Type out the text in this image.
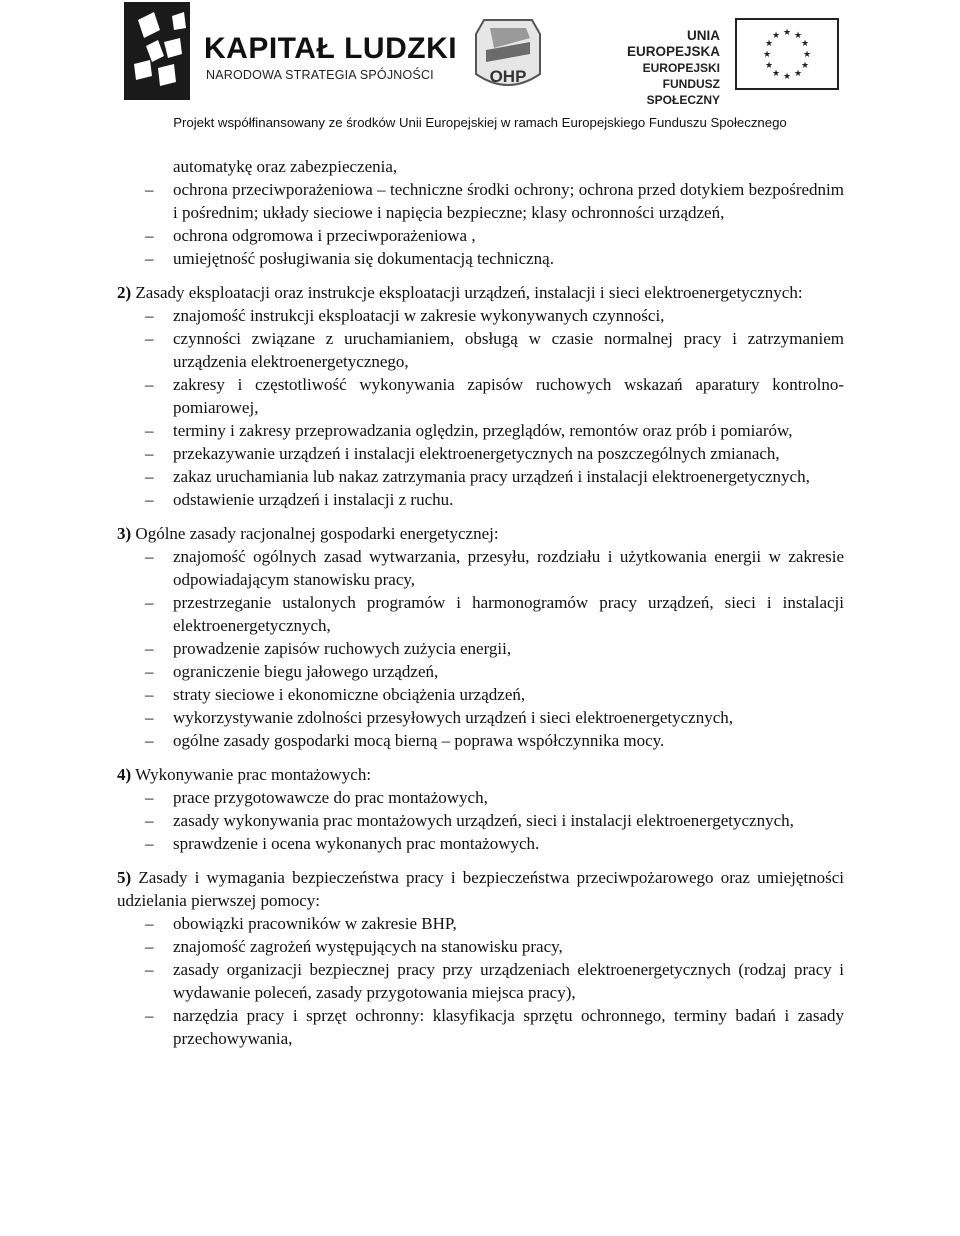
KAPITAŁ LUDZKI
NARODOWA STRATEGIA SPÓJNOŚCI	OHP
UNIA EUROPEJSKA
EUROPEJSKI
FUNDUSZ SPOŁECZNY
★ ★
★
★
★
★
★
★
★
★
★
★
Projekt współfinansowany ze środków Unii Europejskiej w ramach Europejskiego Funduszu Społecznego
automatykę oraz zabezpieczenia,
–	ochrona przeciwporażeniowa – techniczne środki ochrony; ochrona przed dotykiem bezpośrednim i pośrednim; układy sieciowe i napięcia bezpieczne; klasy ochronności urządzeń,
–	ochrona odgromowa i przeciwporażeniowa ,
–	umiejętność posługiwania się dokumentacją techniczną.
2) Zasady eksploatacji oraz instrukcje eksploatacji urządzeń, instalacji i sieci elektroenergetycznych:
–	znajomość instrukcji eksploatacji w zakresie wykonywanych czynności,
–	czynności związane z uruchamianiem, obsługą w czasie normalnej pracy i zatrzymaniem urządzenia elektroenergetycznego,
–	zakresy i częstotliwość wykonywania zapisów ruchowych wskazań aparatury kontrolno-pomiarowej,
–	terminy i zakresy przeprowadzania oględzin, przeglądów, remontów oraz prób i pomiarów,
–	przekazywanie urządzeń i instalacji elektroenergetycznych na poszczególnych zmianach,
–	zakaz uruchamiania lub nakaz zatrzymania pracy urządzeń i instalacji elektroenergetycznych,
–	odstawienie urządzeń i instalacji z ruchu.
3) Ogólne zasady racjonalnej gospodarki energetycznej:
–	znajomość ogólnych zasad wytwarzania, przesyłu, rozdziału i użytkowania energii w zakresie odpowiadającym stanowisku pracy,
–	przestrzeganie ustalonych programów i harmonogramów pracy urządzeń, sieci i instalacji elektroenergetycznych,
–	prowadzenie zapisów ruchowych zużycia energii,
–	ograniczenie biegu jałowego urządzeń,
–	straty sieciowe i ekonomiczne obciążenia urządzeń,
–	wykorzystywanie zdolności przesyłowych urządzeń i sieci elektroenergetycznych,
–	ogólne zasady gospodarki mocą bierną – poprawa współczynnika mocy.
4) Wykonywanie prac montażowych:
–	prace przygotowawcze do prac montażowych,
–	zasady wykonywania prac montażowych urządzeń, sieci i instalacji elektroenergetycznych,
–	sprawdzenie i ocena wykonanych prac montażowych.
5) Zasady i wymagania bezpieczeństwa pracy i bezpieczeństwa przeciwpożarowego oraz umiejętności udzielania pierwszej pomocy:
–	obowiązki pracowników w zakresie BHP,
–	znajomość zagrożeń występujących na stanowisku pracy,
–	zasady organizacji bezpiecznej pracy przy urządzeniach elektroenergetycznych (rodzaj pracy i wydawanie poleceń, zasady przygotowania miejsca pracy),
–	narzędzia pracy i sprzęt ochronny: klasyfikacja sprzętu ochronnego, terminy badań i zasady przechowywania,
